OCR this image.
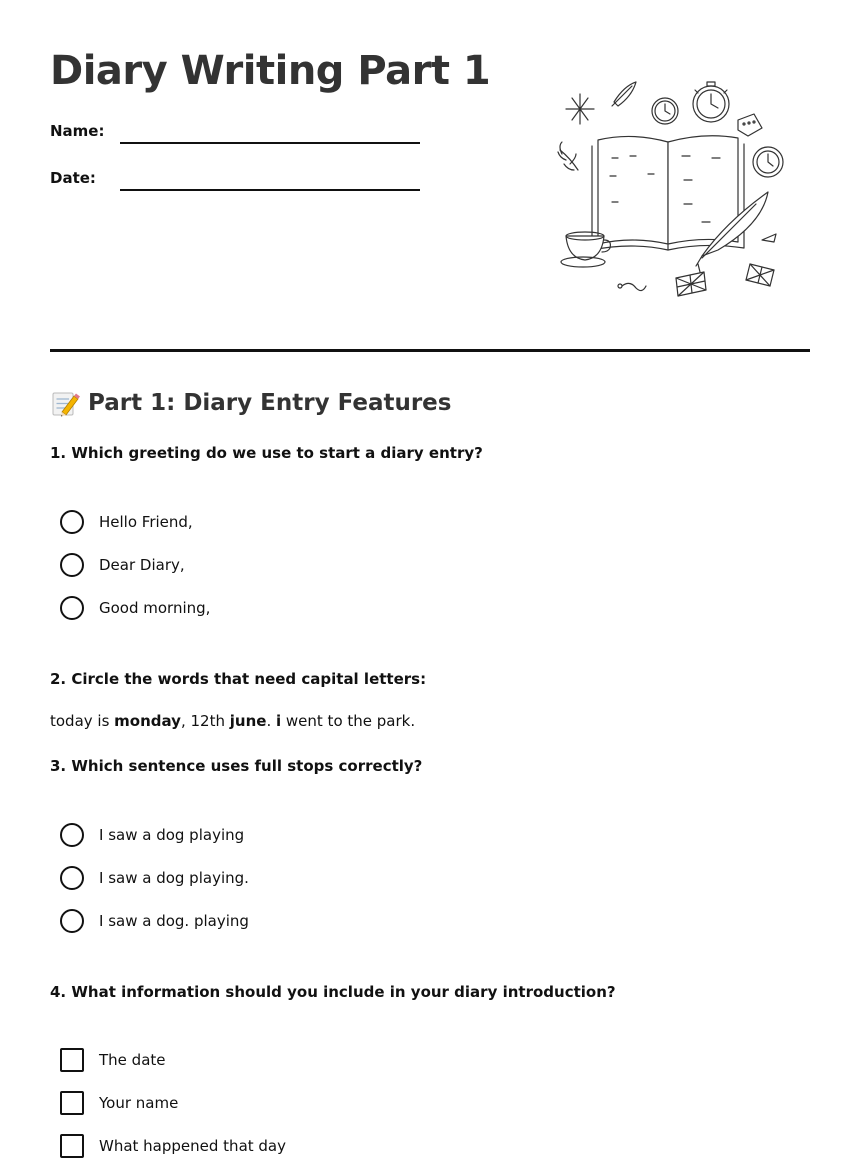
Diary Writing Part 1
Name:
Date:
Part 1: Diary Entry Features

1. Which greeting do we use to start a diary entry?

Hello Friend,
Dear Diary,
Good morning,

2. Circle the words that need capital letters:

today is monday, 12th june. i went to the park.

3. Which sentence uses full stops correctly?

I saw a dog playing
I saw a dog playing.
I saw a dog. playing

4. What information should you include in your diary introduction?

The date
Your name
What happened that day
